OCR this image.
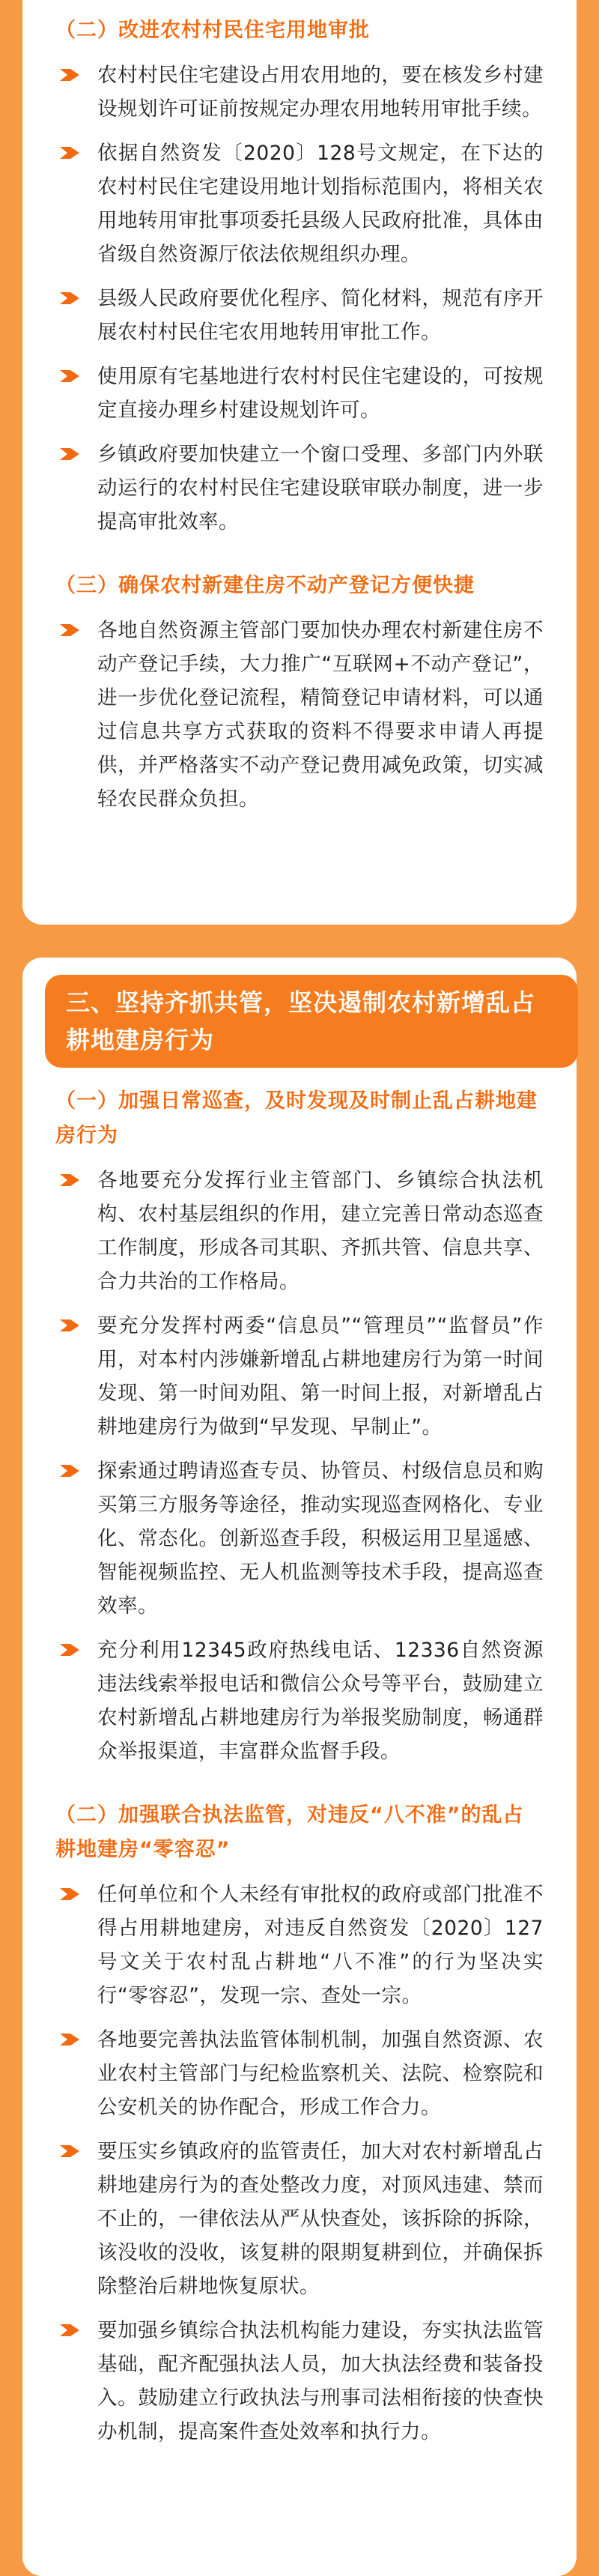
（二）改进农村村民住宅用地审批
农村村民住宅建设占用农用地的，要在核发乡村建设规划许可证前按规定办理农用地转用审批手续。
依据自然资发〔2020〕128号文规定，在下达的农村村民住宅建设用地计划指标范围内，将相关农用地转用审批事项委托县级人民政府批准，具体由省级自然资源厅依法依规组织办理。
县级人民政府要优化程序、简化材料，规范有序开展农村村民住宅农用地转用审批工作。
使用原有宅基地进行农村村民住宅建设的，可按规定直接办理乡村建设规划许可。
乡镇政府要加快建立一个窗口受理、多部门内外联动运行的农村村民住宅建设联审联办制度，进一步提高审批效率。
（三）确保农村新建住房不动产登记方便快捷
各地自然资源主管部门要加快办理农村新建住房不动产登记手续，大力推广“互联网+不动产登记”，进一步优化登记流程，精简登记申请材料，可以通过信息共享方式获取的资料不得要求申请人再提供，并严格落实不动产登记费用减免政策，切实减轻农民群众负担。
三、坚持齐抓共管，坚决遏制农村新增乱占耕地建房行为
（一）加强日常巡查，及时发现及时制止乱占耕地建房行为
各地要充分发挥行业主管部门、乡镇综合执法机构、农村基层组织的作用，建立完善日常动态巡查工作制度，形成各司其职、齐抓共管、信息共享、合力共治的工作格局。
要充分发挥村两委“信息员”“管理员”“监督员”作用，对本村内涉嫌新增乱占耕地建房行为第一时间发现、第一时间劝阻、第一时间上报，对新增乱占耕地建房行为做到“早发现、早制止”。
探索通过聘请巡查专员、协管员、村级信息员和购买第三方服务等途径，推动实现巡查网格化、专业化、常态化。创新巡查手段，积极运用卫星遥感、智能视频监控、无人机监测等技术手段，提高巡查效率。
充分利用12345政府热线电话、12336自然资源违法线索举报电话和微信公众号等平台，鼓励建立农村新增乱占耕地建房行为举报奖励制度，畅通群众举报渠道，丰富群众监督手段。
（二）加强联合执法监管，对违反“八不准”的乱占耕地建房“零容忍”
任何单位和个人未经有审批权的政府或部门批准不得占用耕地建房，对违反自然资发〔2020〕127号文关于农村乱占耕地“八不准”的行为坚决实行“零容忍”，发现一宗、查处一宗。
各地要完善执法监管体制机制，加强自然资源、农业农村主管部门与纪检监察机关、法院、检察院和公安机关的协作配合，形成工作合力。
要压实乡镇政府的监管责任，加大对农村新增乱占耕地建房行为的查处整改力度，对顶风违建、禁而不止的，一律依法从严从快查处，该拆除的拆除，该没收的没收，该复耕的限期复耕到位，并确保拆除整治后耕地恢复原状。
要加强乡镇综合执法机构能力建设，夯实执法监管基础，配齐配强执法人员，加大执法经费和装备投入。鼓励建立行政执法与刑事司法相衔接的快查快办机制，提高案件查处效率和执行力。
